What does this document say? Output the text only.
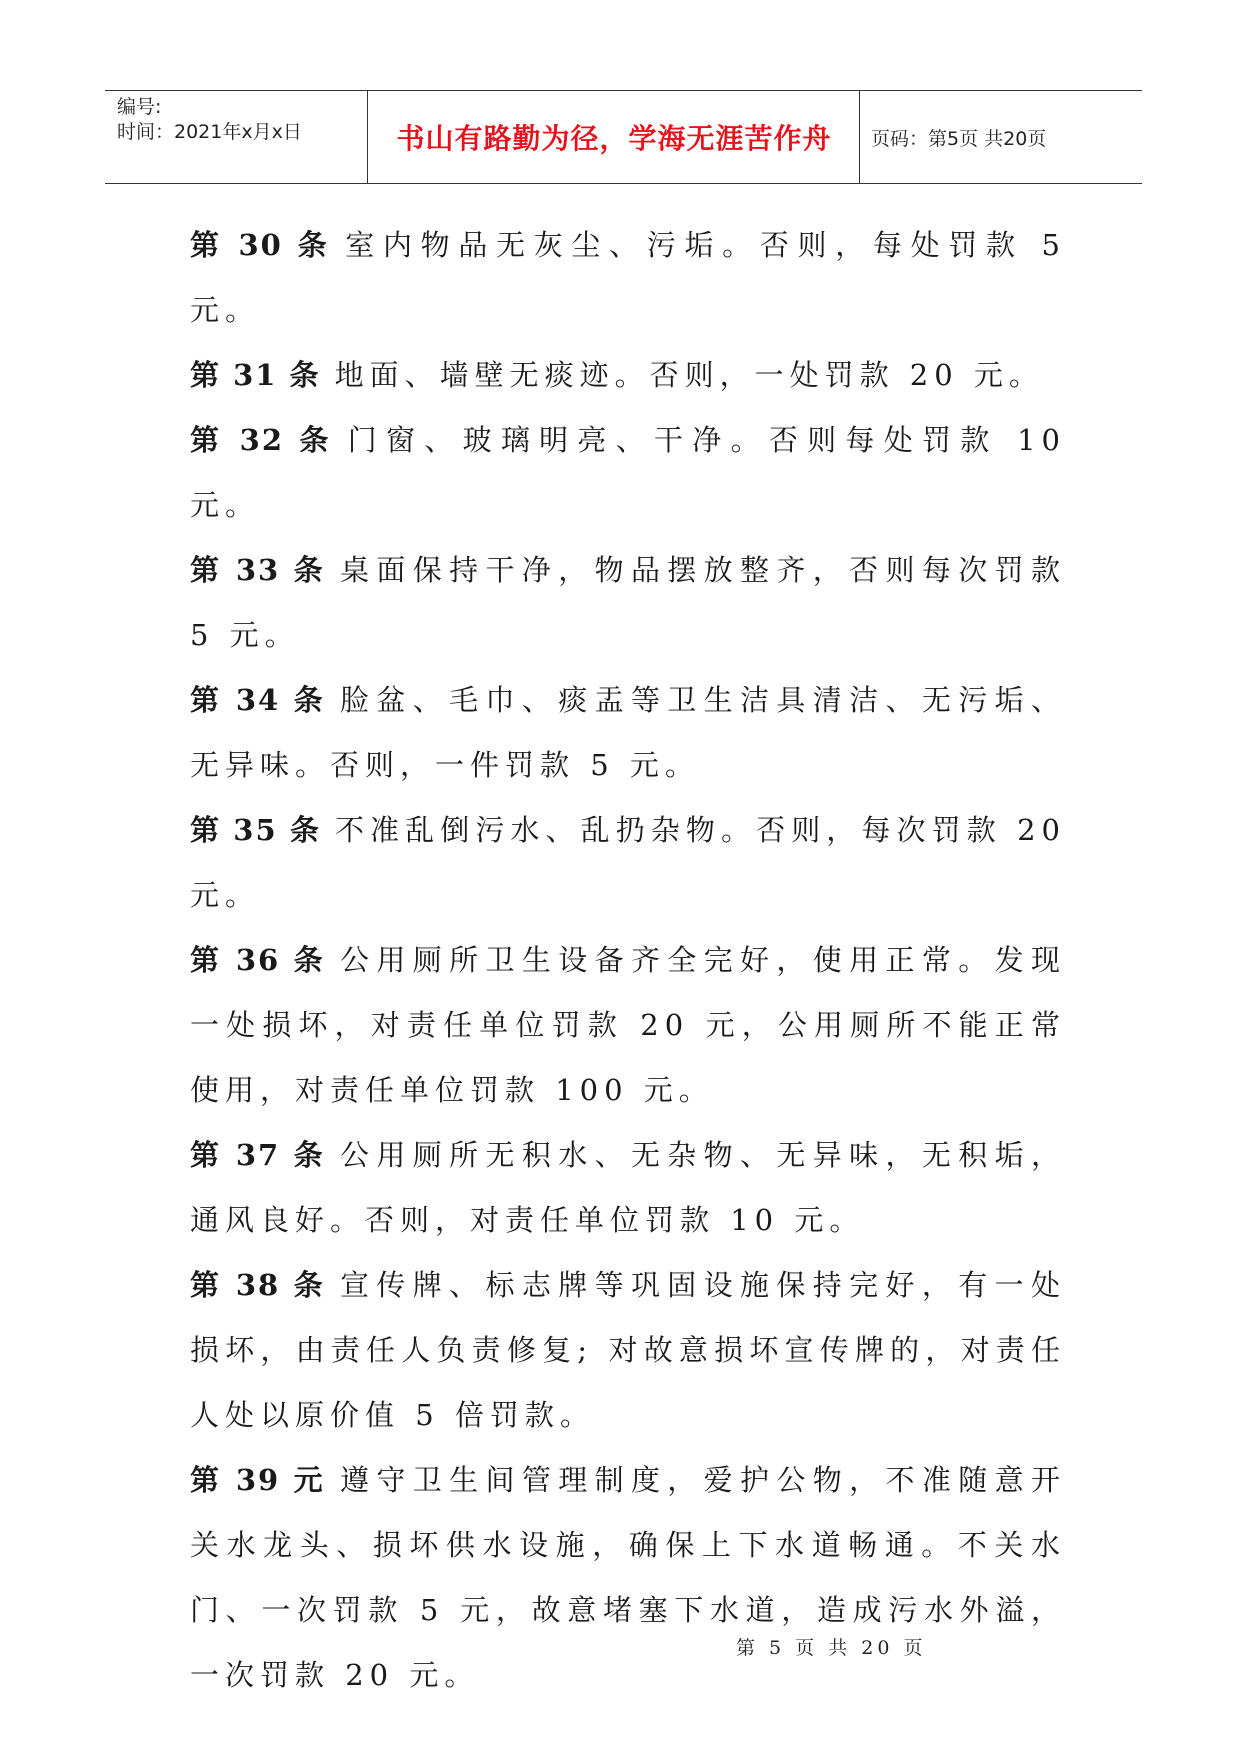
编号:
时间：2021年x月x日	书山有路勤为径，学海无涯苦作舟	页码：第5页 共20页

第 30 条 室内物品无灰尘、污垢。否则，每处罚款 5 元。

第 31 条 地面、墙壁无痰迹。否则，一处罚款 20 元。

第 32 条 门窗、玻璃明亮、干净。否则每处罚款 10 元。

第 33 条 桌面保持干净，物品摆放整齐，否则每次罚款 5 元。

第 34 条 脸盆、毛巾、痰盂等卫生洁具清洁、无污垢、无异味。否则，一件罚款 5 元。

第 35 条 不准乱倒污水、乱扔杂物。否则，每次罚款 20 元。

第 36 条 公用厕所卫生设备齐全完好，使用正常。发现一处损坏，对责任单位罚款 20 元，公用厕所不能正常使用，对责任单位罚款 100 元。

第 37 条 公用厕所无积水、无杂物、无异味，无积垢，通风良好。否则，对责任单位罚款 10 元。

第 38 条 宣传牌、标志牌等巩固设施保持完好，有一处损坏，由责任人负责修复; 对故意损坏宣传牌的，对责任人处以原价值 5 倍罚款。

第 39 元 遵守卫生间管理制度，爱护公物，不准随意开关水龙头、损坏供水设施，确保上下水道畅通。不关水门、一次罚款 5 元，故意堵塞下水道，造成污水外溢，一次罚款 20 元。

第 5 页 共 20 页
